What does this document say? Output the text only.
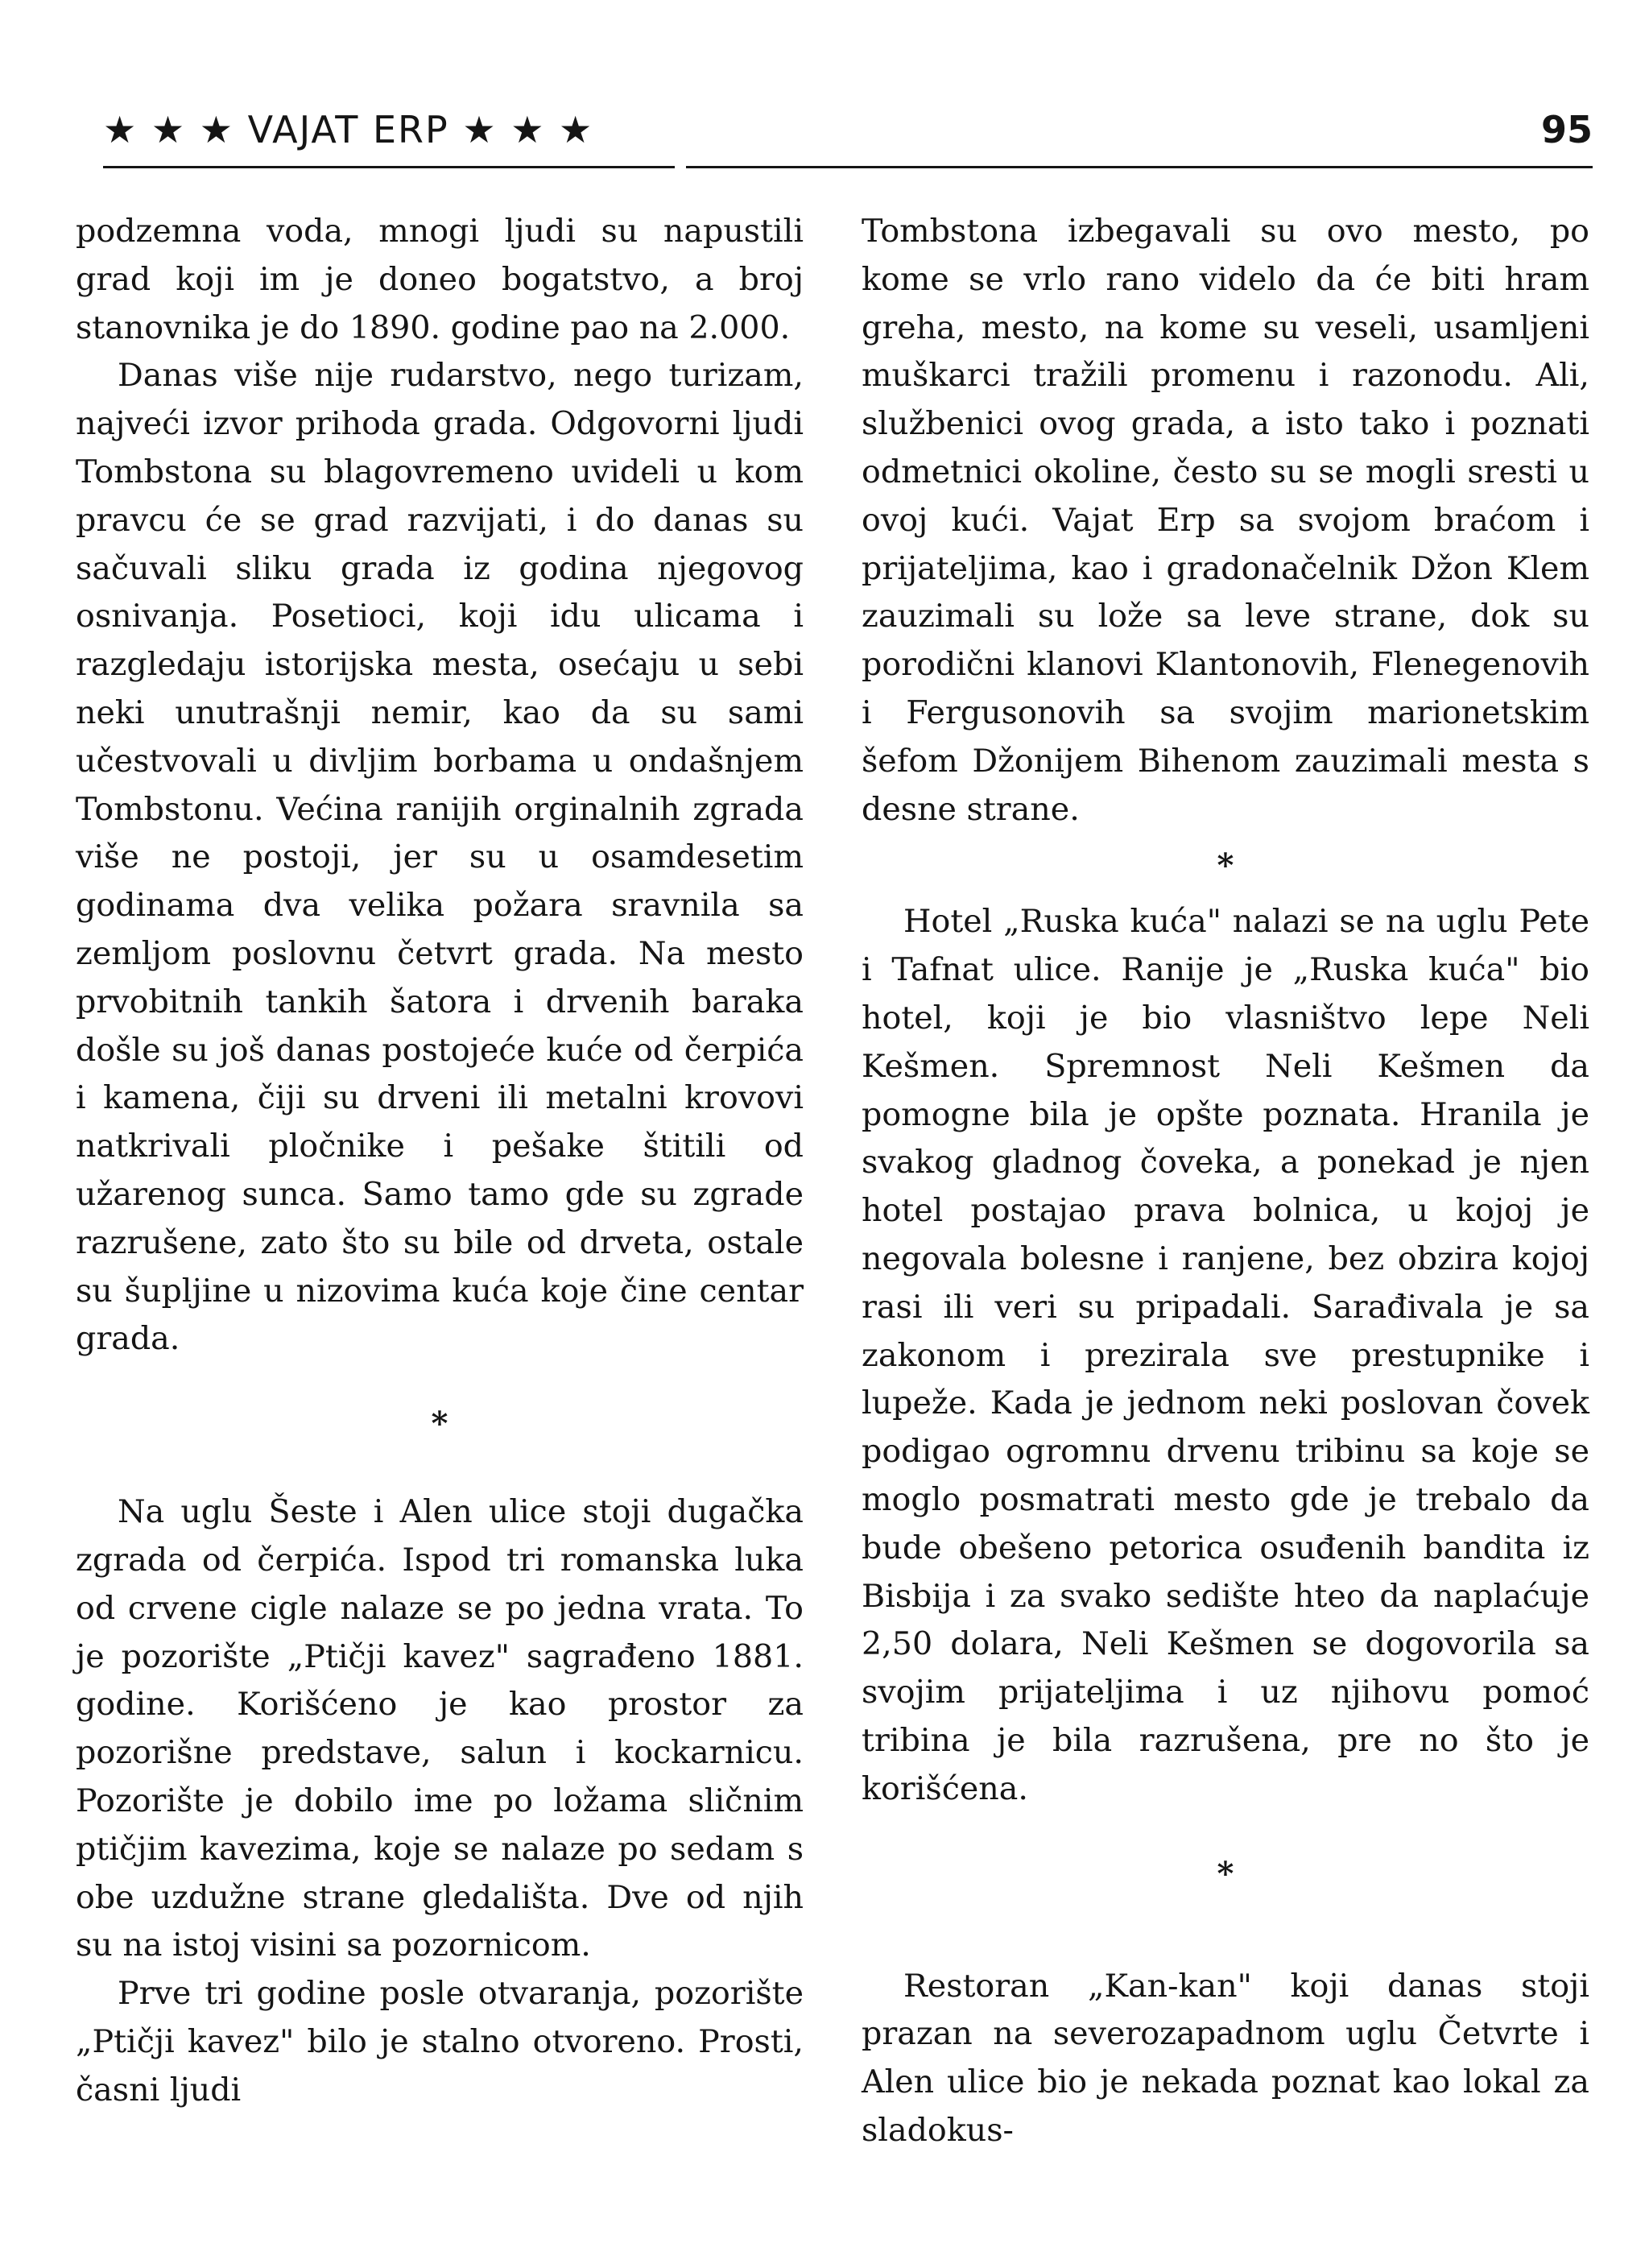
★ ★ ★ VAJAT ERP ★ ★ ★	95

podzemna voda, mnogi ljudi su napustili grad koji im je doneo bogatstvo, a broj stanovnika je do 1890. godine pao na 2.000.

Danas više nije rudarstvo, nego turizam, najveći izvor prihoda grada. Odgovorni ljudi Tombstona su blagovremeno uvideli u kom pravcu će se grad razvijati, i do danas su sačuvali sliku grada iz godina njegovog osnivanja. Posetioci, koji idu ulicama i razgledaju istorijska mesta, osećaju u sebi neki unutrašnji nemir, kao da su sami učestvovali u divljim borbama u ondašnjem Tombstonu. Većina ranijih orginalnih zgrada više ne postoji, jer su u osamdesetim godinama dva velika požara sravnila sa zemljom poslovnu četvrt grada. Na mesto prvobitnih tankih šatora i drvenih baraka došle su još danas postojeće kuće od čerpića i kamena, čiji su drveni ili metalni krovovi natkrivali pločnike i pešake štitili od užarenog sunca. Samo tamo gde su zgrade razrušene, zato što su bile od drveta, ostale su šupljine u nizovima kuća koje čine centar grada.

*

Na uglu Šeste i Alen ulice stoji dugačka zgrada od čerpića. Ispod tri romanska luka od crvene cigle nalaze se po jedna vrata. To je pozorište „Ptičji kavez" sagrađeno 1881. godine. Korišćeno je kao prostor za pozorišne predstave, salun i kockarnicu. Pozorište je dobilo ime po ložama sličnim ptičjim kavezima, koje se nalaze po sedam s obe uzdužne strane gledališta. Dve od njih su na istoj visini sa pozornicom.

Prve tri godine posle otvaranja, pozorište „Ptičji kavez" bilo je stalno otvoreno. Prosti, časni ljudi

Tombstona izbegavali su ovo mesto, po kome se vrlo rano videlo da će biti hram greha, mesto, na kome su veseli, usamljeni muškarci tražili promenu i razonodu. Ali, službenici ovog grada, a isto tako i poznati odmetnici okoline, često su se mogli sresti u ovoj kući. Vajat Erp sa svojom braćom i prijateljima, kao i gradonačelnik Džon Klem zauzimali su lože sa leve strane, dok su porodični klanovi Klantonovih, Flenegenovih i Fergusonovih sa svojim marionetskim šefom Džonijem Bihenom zauzimali mesta s desne strane.

*

Hotel „Ruska kuća" nalazi se na uglu Pete i Tafnat ulice. Ranije je „Ruska kuća" bio hotel, koji je bio vlasništvo lepe Neli Kešmen. Spremnost Neli Kešmen da pomogne bila je opšte poznata. Hranila je svakog gladnog čoveka, a ponekad je njen hotel postajao prava bolnica, u kojoj je negovala bolesne i ranjene, bez obzira kojoj rasi ili veri su pripadali. Sarađivala je sa zakonom i prezirala sve prestupnike i lupeže. Kada je jednom neki poslovan čovek podigao ogromnu drvenu tribinu sa koje se moglo posmatrati mesto gde je trebalo da bude obešeno petorica osuđenih bandita iz Bisbija i za svako sedište hteo da naplaćuje 2,50 dolara, Neli Kešmen se dogovorila sa svojim prijateljima i uz njihovu pomoć tribina je bila razrušena, pre no što je korišćena.

*

Restoran „Kan-kan" koji danas stoji prazan na severozapadnom uglu Četvrte i Alen ulice bio je nekada poznat kao lokal za sladokus-
